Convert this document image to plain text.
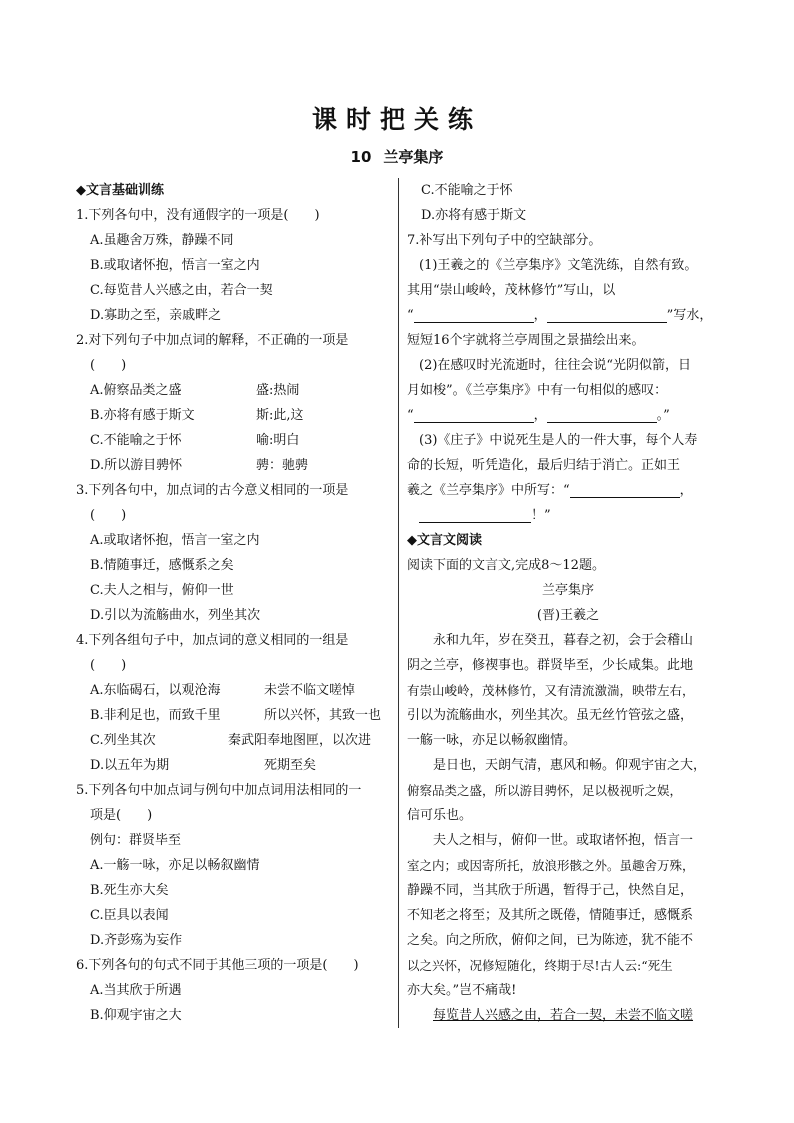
课时把关练
10 兰亭集序
◆文言基础训练
1.下列各句中，没有通假字的一项是(　　)
A.虽趣舍万殊，静躁不同
B.或取诸怀抱，悟言一室之内
C.每览昔人兴感之由，若合一契
D.寡助之至，亲戚畔之
2.对下列句子中加点词的解释，不正确的一项是
(　　)
A.俯察品类之盛	盛:热闹
B.亦将有感于斯文	斯:此,这
C.不能喻之于怀	喻:明白
D.所以游目骋怀	骋：驰骋
3.下列各句中，加点词的古今意义相同的一项是
(　　)
A.或取诸怀抱，悟言一室之内
B.情随事迁，感慨系之矣
C.夫人之相与，俯仰一世
D.引以为流觞曲水，列坐其次
4.下列各组句子中，加点词的意义相同的一组是
(　　)
A.东临碣石，以观沧海	未尝不临文嗟悼
B.非利足也，而致千里	所以兴怀，其致一也
C.列坐其次	秦武阳奉地图匣，以次进
D.以五年为期	死期至矣
5.下列各句中加点词与例句中加点词用法相同的一
项是(　　)
例句：群贤毕至
A.一觞一咏，亦足以畅叙幽情
B.死生亦大矣
C.臣具以表闻
D.齐彭殇为妄作
6.下列各句的句式不同于其他三项的一项是(　　)
A.当其欣于所遇
B.仰观宇宙之大
C.不能喻之于怀
D.亦将有感于斯文
7.补写出下列句子中的空缺部分。
(1)王羲之的《兰亭集序》文笔洗练，自然有致。
其用“崇山峻岭，茂林修竹”写山，以
“	，	”写水，
短短16个字就将兰亭周围之景描绘出来。
(2)在感叹时光流逝时，往往会说“光阴似箭，日
月如梭”。《兰亭集序》中有一句相似的感叹：
“	，	。”
(3)《庄子》中说死生是人的一件大事，每个人寿
命的长短，听凭造化，最后归结于消亡。正如王
羲之《兰亭集序》中所写：“	，
！”
◆文言文阅读
阅读下面的文言文,完成8～12题。
兰亭集序
(晋)王羲之
永和九年，岁在癸丑，暮春之初，会于会稽山
阴之兰亭，修禊事也。群贤毕至，少长咸集。此地
有崇山峻岭，茂林修竹，又有清流激湍，映带左右，
引以为流觞曲水，列坐其次。虽无丝竹管弦之盛，
一觞一咏，亦足以畅叙幽情。
是日也，天朗气清，惠风和畅。仰观宇宙之大，
俯察品类之盛，所以游目骋怀，足以极视听之娱，
信可乐也。
夫人之相与，俯仰一世。或取诸怀抱，悟言一
室之内；或因寄所托，放浪形骸之外。虽趣舍万殊，
静躁不同，当其欣于所遇，暂得于己，快然自足，
不知老之将至；及其所之既倦，情随事迁，感慨系
之矣。向之所欣，俯仰之间，已为陈迹，犹不能不
以之兴怀，况修短随化，终期于尽!古人云:“死生
亦大矣。”岂不痛哉!
每览昔人兴感之由，若合一契，未尝不临文嗟
